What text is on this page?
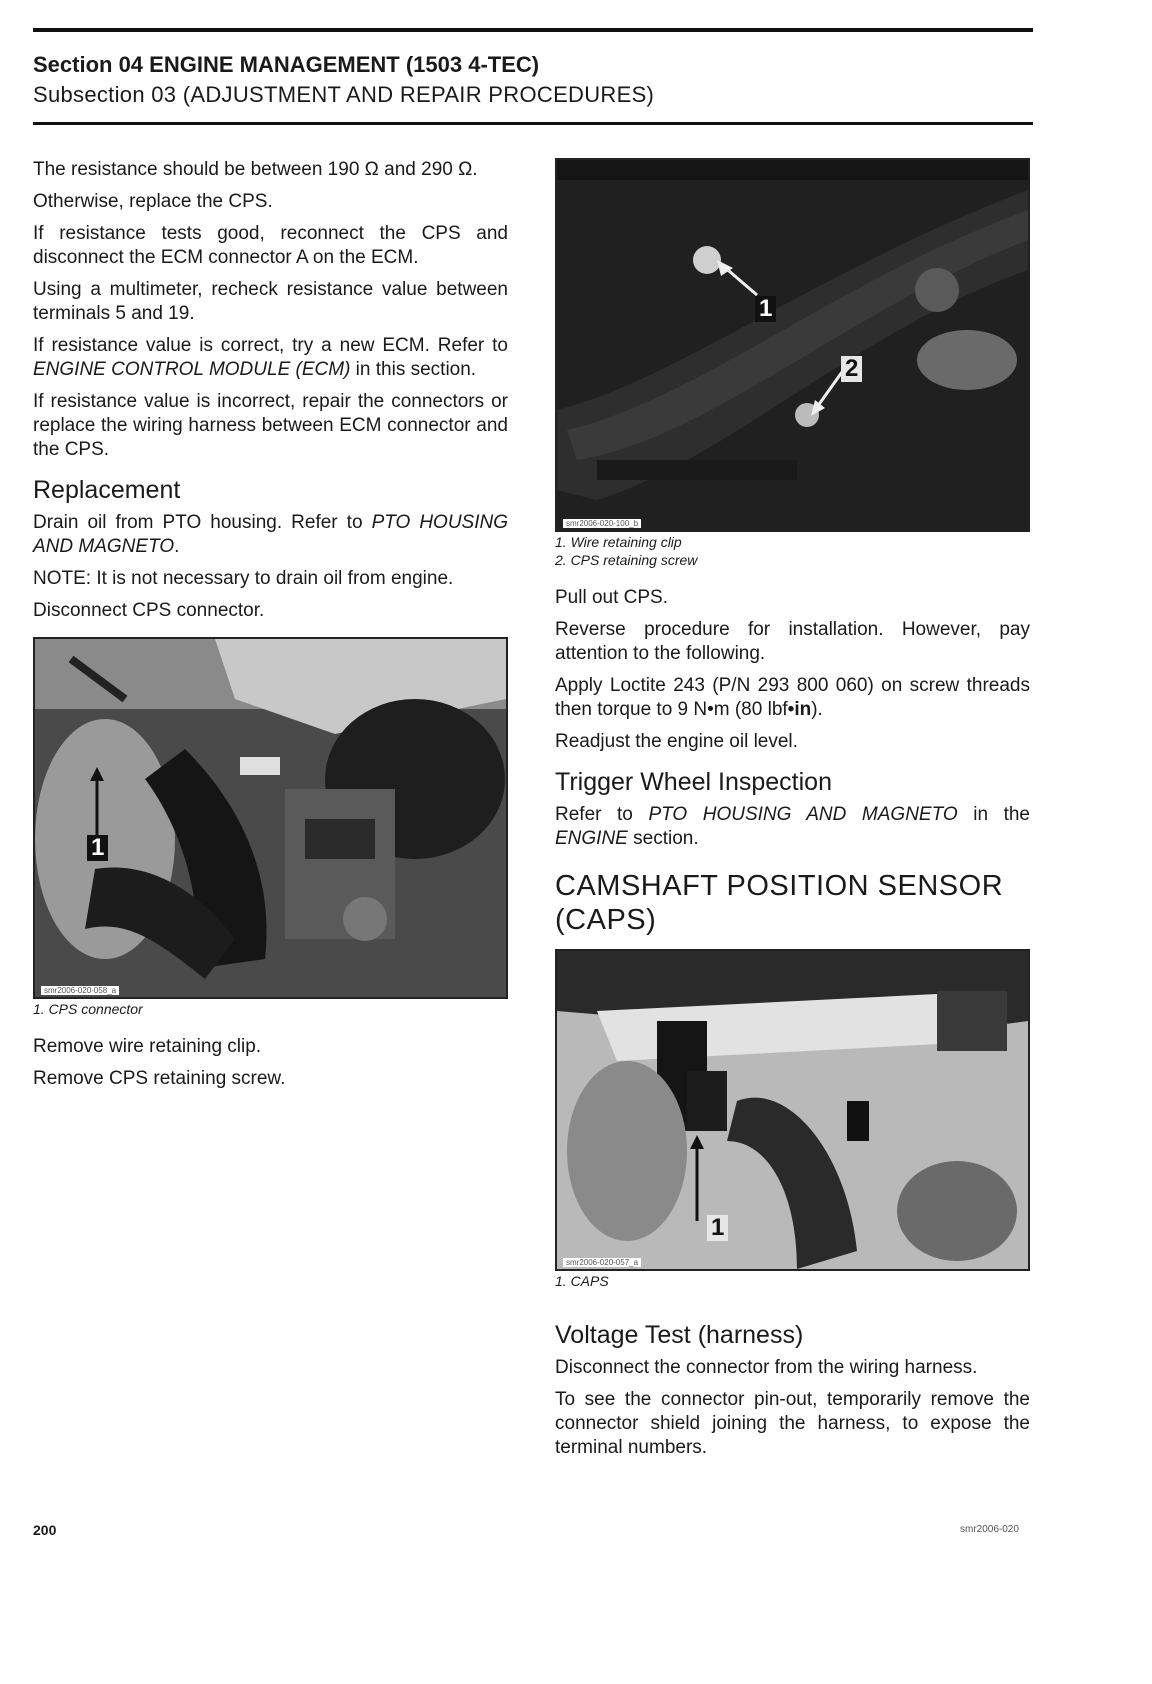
Section 04 ENGINE MANAGEMENT (1503 4-TEC)
Subsection 03 (ADJUSTMENT AND REPAIR PROCEDURES)

The resistance should be between 190 Ω and 290 Ω.

Otherwise, replace the CPS.

If resistance tests good, reconnect the CPS and disconnect the ECM connector A on the ECM.

Using a multimeter, recheck resistance value between terminals 5 and 19.

If resistance value is correct, try a new ECM. Refer to ENGINE CONTROL MODULE (ECM) in this section.

If resistance value is incorrect, repair the connectors or replace the wiring harness between ECM connector and the CPS.

Replacement

Drain oil from PTO housing. Refer to PTO HOUSING AND MAGNETO.

NOTE: It is not necessary to drain oil from engine.

Disconnect CPS connector.

1
smr2006-020-058_a

1. CPS connector

Remove wire retaining clip.

Remove CPS retaining screw.

1
2
smr2006-020-100_b

1. Wire retaining clip

2. CPS retaining screw

Pull out CPS.

Reverse procedure for installation. However, pay attention to the following.

Apply Loctite 243 (P/N 293 800 060) on screw threads then torque to 9 N•m (80 lbf•in).

Readjust the engine oil level.

Trigger Wheel Inspection

Refer to PTO HOUSING AND MAGNETO in the ENGINE section.

CAMSHAFT POSITION SENSOR (CAPS)
1
smr2006-020-057_a

1. CAPS

Voltage Test (harness)

Disconnect the connector from the wiring harness.

To see the connector pin-out, temporarily remove the connector shield joining the harness, to expose the terminal numbers.

200	smr2006-020
